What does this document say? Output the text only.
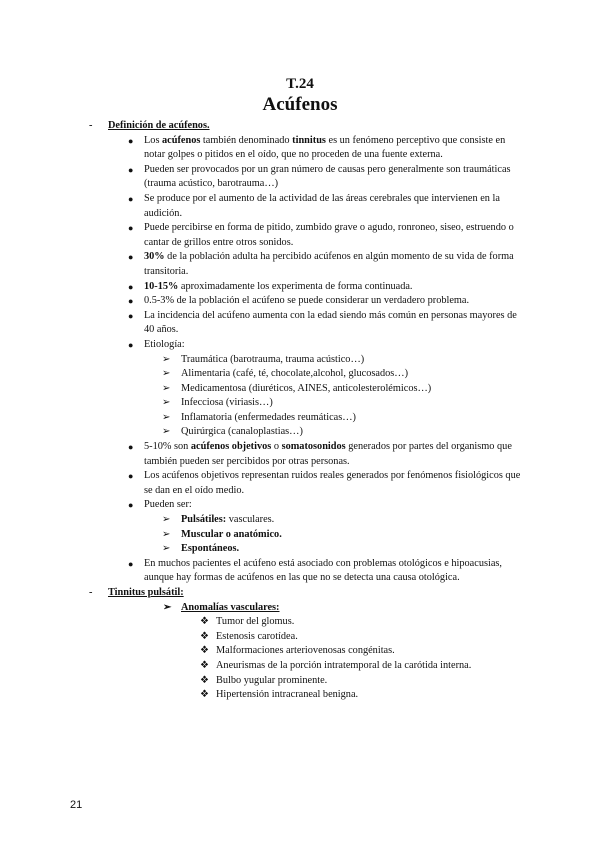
T.24
Acúfenos
- Definición de acúfenos.
● Los acúfenos también denominado tinnitus es un fenómeno perceptivo que consiste en notar golpes o pitidos en el oído, que no proceden de una fuente externa.
● Pueden ser provocados por un gran número de causas pero generalmente son traumáticas (trauma acústico, barotrauma…)
● Se produce por el aumento de la actividad de las áreas cerebrales que intervienen en la audición.
● Puede percibirse en forma de pitido, zumbido grave o agudo, ronroneo, siseo, estruendo o cantar de grillos entre otros sonidos.
● 30% de la población adulta ha percibido acúfenos en algún momento de su vida de forma transitoria.
● 10-15% aproximadamente los experimenta de forma continuada.
● 0.5-3% de la población el acúfeno se puede considerar un verdadero problema.
● La incidencia del acúfeno aumenta con la edad siendo más común en personas mayores de 40 años.
● Etiología:
➢ Traumática (barotrauma, trauma acústico…)
➢ Alimentaria (café, té, chocolate,alcohol, glucosados…)
➢ Medicamentosa (diuréticos, AINES, anticolesterolémicos…)
➢ Infecciosa (viriasis…)
➢ Inflamatoria (enfermedades reumáticas…)
➢ Quirúrgica (canaloplastias…)
● 5-10% son acúfenos objetivos o somatosonidos generados por partes del organismo que también pueden ser percibidos por otras personas.
● Los acúfenos objetivos representan ruidos reales generados por fenómenos fisiológicos que se dan en el oído medio.
● Pueden ser:
➢ Pulsátiles: vasculares.
➢ Muscular o anatómico.
➢ Espontáneos.
● En muchos pacientes el acúfeno está asociado con problemas otológicos e hipoacusias, aunque hay formas de acúfenos en las que no se detecta una causa otológica.
- Tinnitus pulsátil:
➢ Anomalías vasculares:
❖ Tumor del glomus.
❖ Estenosis carotídea.
❖ Malformaciones arteriovenosas congénitas.
❖ Aneurismas de la porción intratemporal de la carótida interna.
❖ Bulbo yugular prominente.
❖ Hipertensión intracraneal benigna.
21
